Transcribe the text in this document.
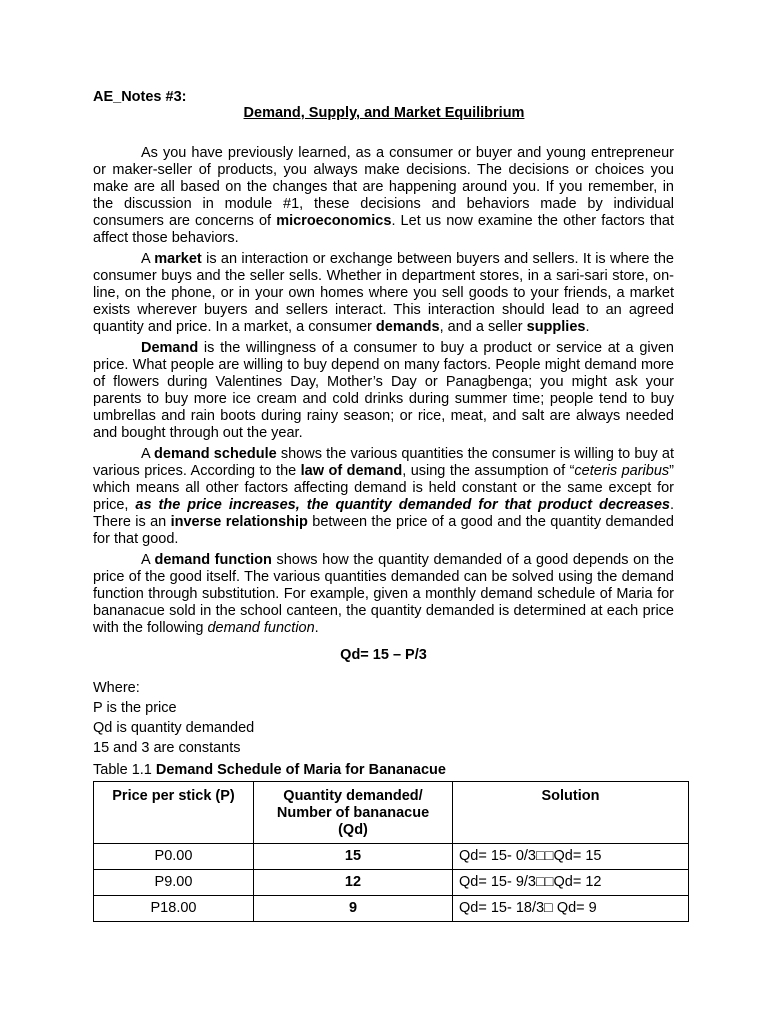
AE_Notes #3:
Demand, Supply, and Market Equilibrium

As you have previously learned, as a consumer or buyer and young entrepreneur or maker-seller of products, you always make decisions. The decisions or choices you make are all based on the changes that are happening around you. If you remember, in the discussion in module #1, these decisions and behaviors made by individual consumers are concerns of microeconomics. Let us now examine the other factors that affect those behaviors.

A market is an interaction or exchange between buyers and sellers. It is where the consumer buys and the seller sells. Whether in department stores, in a sari-sari store, on-line, on the phone, or in your own homes where you sell goods to your friends, a market exists wherever buyers and sellers interact. This interaction should lead to an agreed quantity and price. In a market, a consumer demands, and a seller supplies.

Demand is the willingness of a consumer to buy a product or service at a given price. What people are willing to buy depend on many factors. People might demand more of flowers during Valentines Day, Mother’s Day or Panagbenga; you might ask your parents to buy more ice cream and cold drinks during summer time; people tend to buy umbrellas and rain boots during rainy season; or rice, meat, and salt are always needed and bought through out the year.

A demand schedule shows the various quantities the consumer is willing to buy at various prices. According to the law of demand, using the assumption of “ceteris paribus” which means all other factors affecting demand is held constant or the same except for price, as the price increases, the quantity demanded for that product decreases. There is an inverse relationship between the price of a good and the quantity demanded for that good.

A demand function shows how the quantity demanded of a good depends on the price of the good itself. The various quantities demanded can be solved using the demand function through substitution. For example, given a monthly demand schedule of Maria for bananacue sold in the school canteen, the quantity demanded is determined at each price with the following demand function.

Qd= 15 – P/3
Where:
P is the price
Qd is quantity demanded
15 and 3 are constants
Table 1.1 Demand Schedule of Maria for Bananacue
Price per stick (P)	Quantity demanded/
Number of bananacue (Qd)	Solution
P0.00	15	Qd= 15- 0/3□□Qd= 15
P9.00	12	Qd= 15- 9/3□□Qd= 12
P18.00	9	Qd= 15- 18/3□ Qd= 9
